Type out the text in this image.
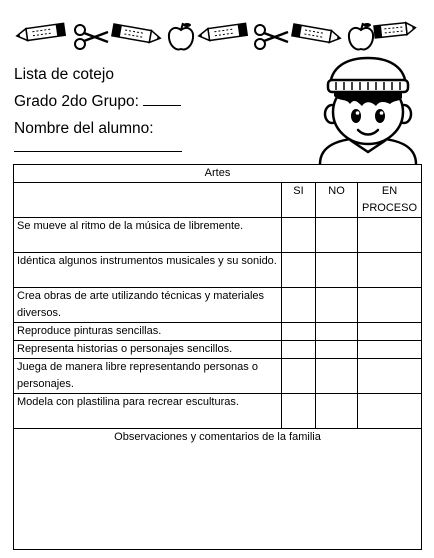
Lista de cotejo
Grado 2do Grupo:
Nombre del alumno:
Artes			
	SI	NO	EN PROCESO
Se mueve al ritmo de la música de libremente.			
Idéntica algunos instrumentos musicales y su sonido.			
Crea obras de arte utilizando técnicas y materiales diversos.			
Reproduce pinturas sencillas.			
Representa historias o personajes sencillos.			
Juega de manera libre representando personas o personajes.			
Modela con plastilina para recrear esculturas.			
Observaciones y comentarios de la familia			
